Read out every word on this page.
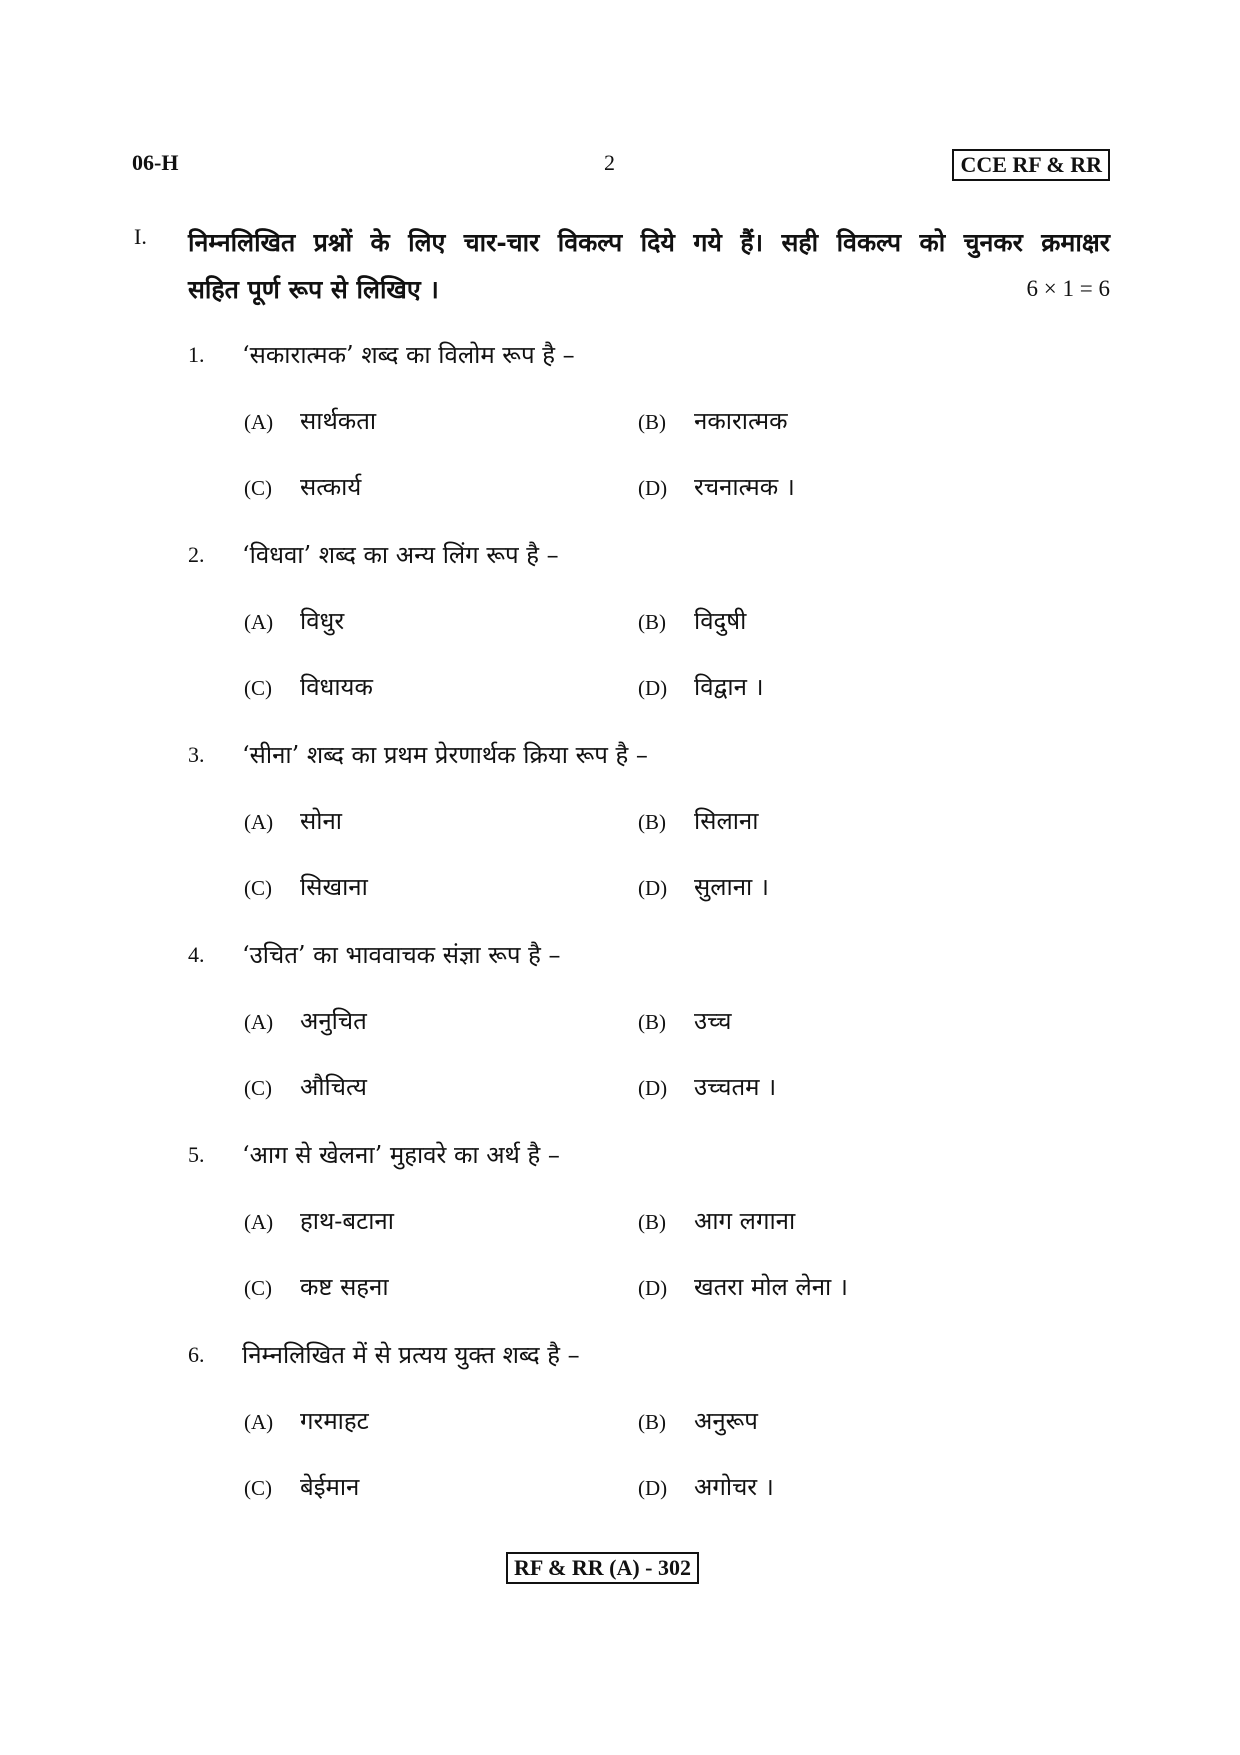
06-H	2	CCE RF & RR
I. निम्नलिखित प्रश्नों के लिए चार-चार विकल्प दिये गये हैं। सही विकल्प को चुनकर क्रमाक्षर
सहित पूर्ण रूप से लिखिए ।	6 × 1 = 6
1. ‘सकारात्मक’ शब्द का विलोम रूप है –
(A) सार्थकता	(B) नकारात्मक
(C) सत्कार्य	(D) रचनात्मक ।
2. ‘विधवा’ शब्द का अन्य लिंग रूप है –
(A) विधुर	(B) विदुषी
(C) विधायक	(D) विद्वान ।
3. ‘सीना’ शब्द का प्रथम प्रेरणार्थक क्रिया रूप है –
(A) सोना	(B) सिलाना
(C) सिखाना	(D) सुलाना ।
4. ‘उचित’ का भाववाचक संज्ञा रूप है –
(A) अनुचित	(B) उच्च
(C) औचित्य	(D) उच्चतम ।
5. ‘आग से खेलना’ मुहावरे का अर्थ है –
(A) हाथ-बटाना	(B) आग लगाना
(C) कष्ट सहना	(D) खतरा मोल लेना ।
6. निम्नलिखित में से प्रत्यय युक्त शब्द है –
(A) गरमाहट	(B) अनुरूप
(C) बेईमान	(D) अगोचर ।
RF & RR (A) - 302
